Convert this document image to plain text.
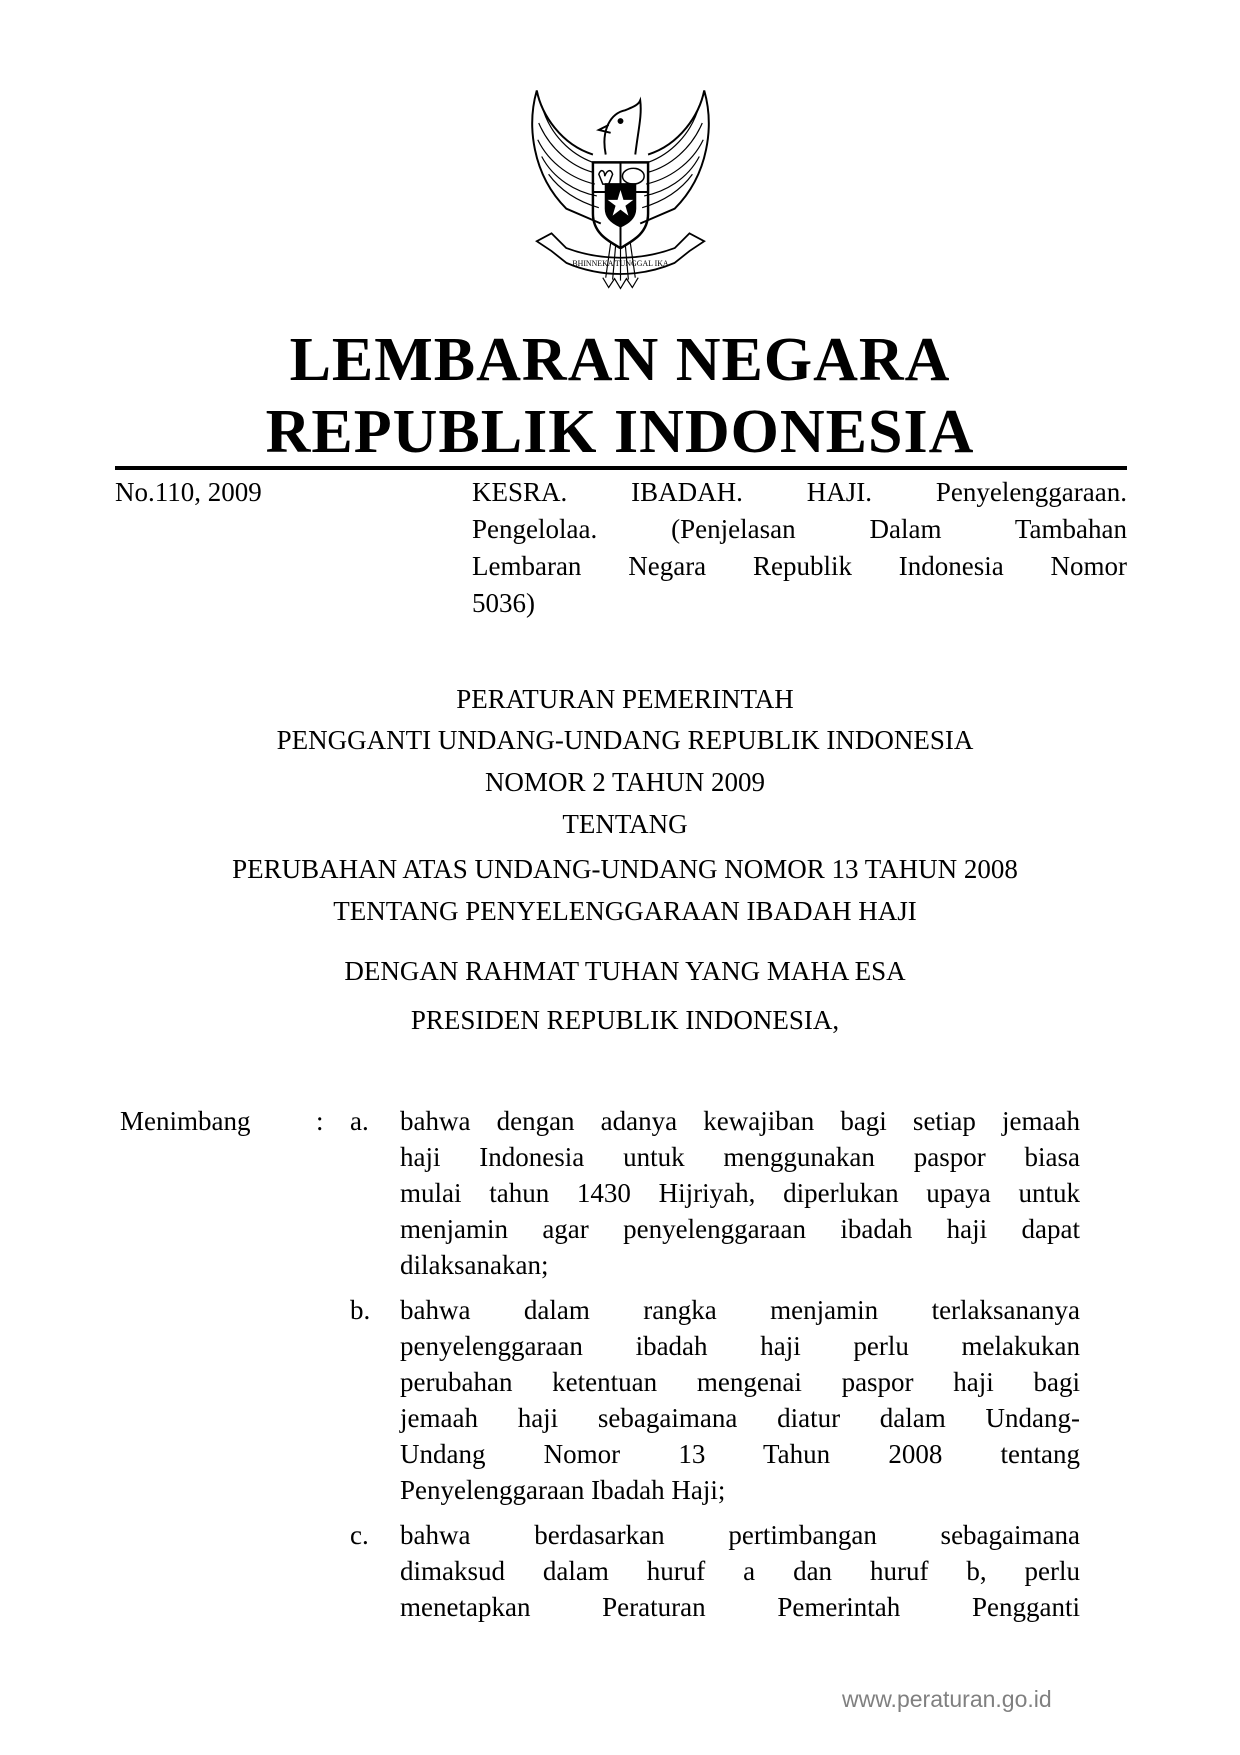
BHINNEKA TUNGGAL IKA
LEMBARAN NEGARA
REPUBLIK INDONESIA
No.110, 2009	KESRA. IBADAH. HAJI. Penyelenggaraan.
Pengelolaa. (Penjelasan Dalam Tambahan
Lembaran Negara Republik Indonesia Nomor
5036)
PERATURAN PEMERINTAH
PENGGANTI UNDANG-UNDANG REPUBLIK INDONESIA
NOMOR 2 TAHUN 2009
TENTANG
PERUBAHAN ATAS UNDANG-UNDANG NOMOR 13 TAHUN 2008
TENTANG PENYELENGGARAAN IBADAH HAJI
DENGAN RAHMAT TUHAN YANG MAHA ESA
PRESIDEN REPUBLIK INDONESIA,
Menimbang : a. bahwa dengan adanya kewajiban bagi setiap jemaah
haji Indonesia untuk menggunakan paspor biasa
mulai tahun 1430 Hijriyah, diperlukan upaya untuk
menjamin agar penyelenggaraan ibadah haji dapat
dilaksanakan;
b. bahwa dalam rangka menjamin terlaksananya
penyelenggaraan ibadah haji perlu melakukan
perubahan ketentuan mengenai paspor haji bagi
jemaah haji sebagaimana diatur dalam Undang-
Undang Nomor 13 Tahun 2008 tentang
Penyelenggaraan Ibadah Haji;
c. bahwa berdasarkan pertimbangan sebagaimana
dimaksud dalam huruf a dan huruf b, perlu
menetapkan Peraturan Pemerintah Pengganti
www.peraturan.go.id
